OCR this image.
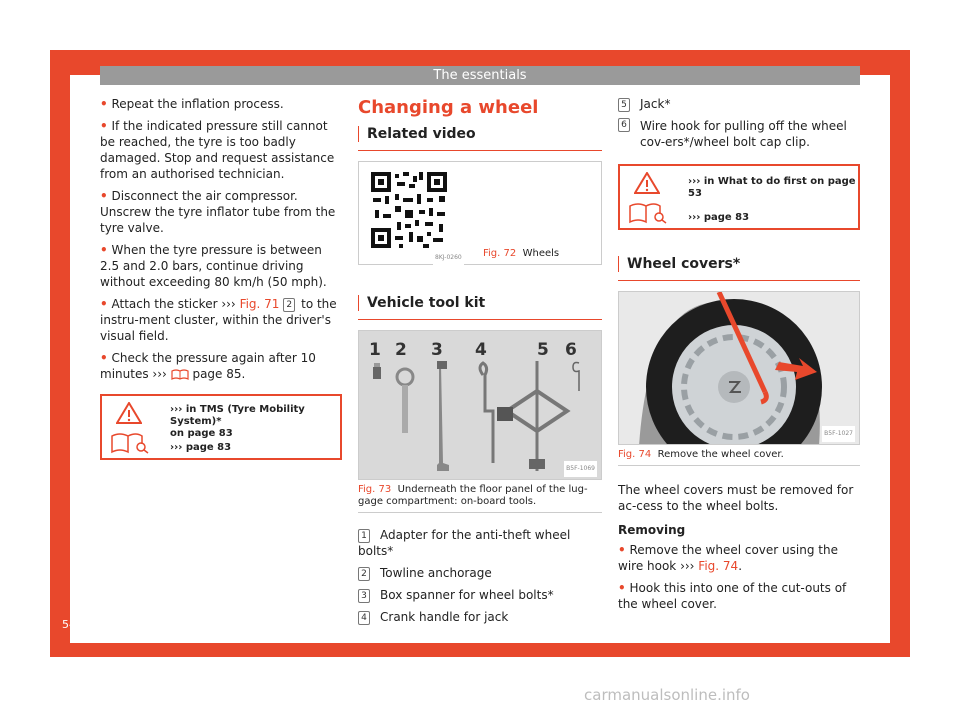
The essentials
• Repeat the inflation process.
• If the indicated pressure still cannot be reached, the tyre is too badly damaged. Stop and request assistance from an authorised technician.
• Disconnect the air compressor. Unscrew the tyre inflator tube from the tyre valve.
• When the tyre pressure is between 2.5 and 2.0 bars, continue driving without exceeding 80 km/h (50 mph).
• Attach the sticker ››› Fig. 71 2 to the instru-ment cluster, within the driver's visual field.
• Check the pressure again after 10 minutes ››› page 85.
››› in TMS (Tyre Mobility System)*
on page 83
››› page 83
Changing a wheel
Related video
8KJ-0260 Fig. 72 Wheels
Vehicle tool kit
1 2 3 4	5 6
B5F-1069
Fig. 73 Underneath the floor panel of the lug-gage compartment: on-board tools.
1 Adapter for the anti-theft wheel bolts*
2 Towline anchorage
3 Box spanner for wheel bolts*
4 Crank handle for jack
5 Jack*
6 Wire hook for pulling off the wheel cov-ers*/wheel bolt cap clip.
››› in What to do first on page 53
››› page 83
Wheel covers*
B5F-1027
Fig. 74 Remove the wheel cover.
The wheel covers must be removed for ac-cess to the wheel bolts.
Removing
• Remove the wheel cover using the wire hook ››› Fig. 74.
• Hook this into one of the cut-outs of the wheel cover.
54
carmanualsonline.info
